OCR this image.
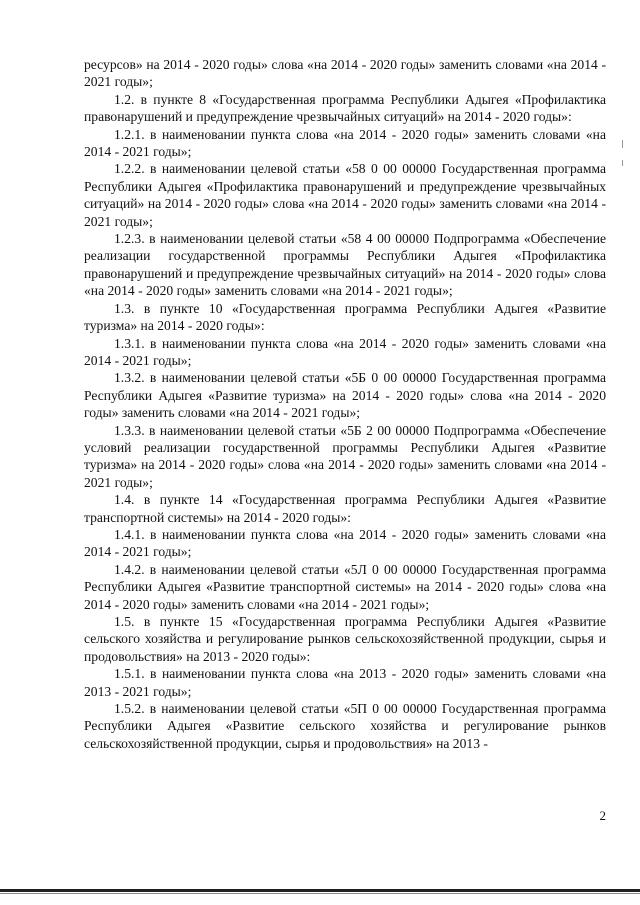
ресурсов» на 2014 - 2020 годы» слова «на 2014 - 2020 годы» заменить словами «на 2014 - 2021 годы»;

1.2. в пункте 8 «Государственная программа Республики Адыгея «Профилактика правонарушений и предупреждение чрезвычайных ситуаций» на 2014 - 2020 годы»:

1.2.1. в наименовании пункта слова «на 2014 - 2020 годы» заменить словами «на 2014 - 2021 годы»;

1.2.2. в наименовании целевой статьи «58 0 00 00000 Государственная программа Республики Адыгея «Профилактика правонарушений и предупреждение чрезвычайных ситуаций» на 2014 - 2020 годы» слова «на 2014 - 2020 годы» заменить словами «на 2014 - 2021 годы»;

1.2.3. в наименовании целевой статьи «58 4 00 00000 Подпрограмма «Обеспечение реализации государственной программы Республики Адыгея «Профилактика правонарушений и предупреждение чрезвычайных ситуаций» на 2014 - 2020 годы» слова «на 2014 - 2020 годы» заменить словами «на 2014 - 2021 годы»;

1.3. в пункте 10 «Государственная программа Республики Адыгея «Развитие туризма» на 2014 - 2020 годы»:

1.3.1. в наименовании пункта слова «на 2014 - 2020 годы» заменить словами «на 2014 - 2021 годы»;

1.3.2. в наименовании целевой статьи «5Б 0 00 00000 Государственная программа Республики Адыгея «Развитие туризма» на 2014 - 2020 годы» слова «на 2014 - 2020 годы» заменить словами «на 2014 - 2021 годы»;

1.3.3. в наименовании целевой статьи «5Б 2 00 00000 Подпрограмма «Обеспечение условий реализации государственной программы Республики Адыгея «Развитие туризма» на 2014 - 2020 годы» слова «на 2014 - 2020 годы» заменить словами «на 2014 - 2021 годы»;

1.4. в пункте 14 «Государственная программа Республики Адыгея «Развитие транспортной системы» на 2014 - 2020 годы»:

1.4.1. в наименовании пункта слова «на 2014 - 2020 годы» заменить словами «на 2014 - 2021 годы»;

1.4.2. в наименовании целевой статьи «5Л 0 00 00000 Государственная программа Республики Адыгея «Развитие транспортной системы» на 2014 - 2020 годы» слова «на 2014 - 2020 годы» заменить словами «на 2014 - 2021 годы»;

1.5. в пункте 15 «Государственная программа Республики Адыгея «Развитие сельского хозяйства и регулирование рынков сельскохозяйственной продукции, сырья и продовольствия» на 2013 - 2020 годы»:

1.5.1. в наименовании пункта слова «на 2013 - 2020 годы» заменить словами «на 2013 - 2021 годы»;

1.5.2. в наименовании целевой статьи «5П 0 00 00000 Государственная программа Республики Адыгея «Развитие сельского хозяйства и регулирование рынков сельскохозяйственной продукции, сырья и продовольствия» на 2013 -

2
